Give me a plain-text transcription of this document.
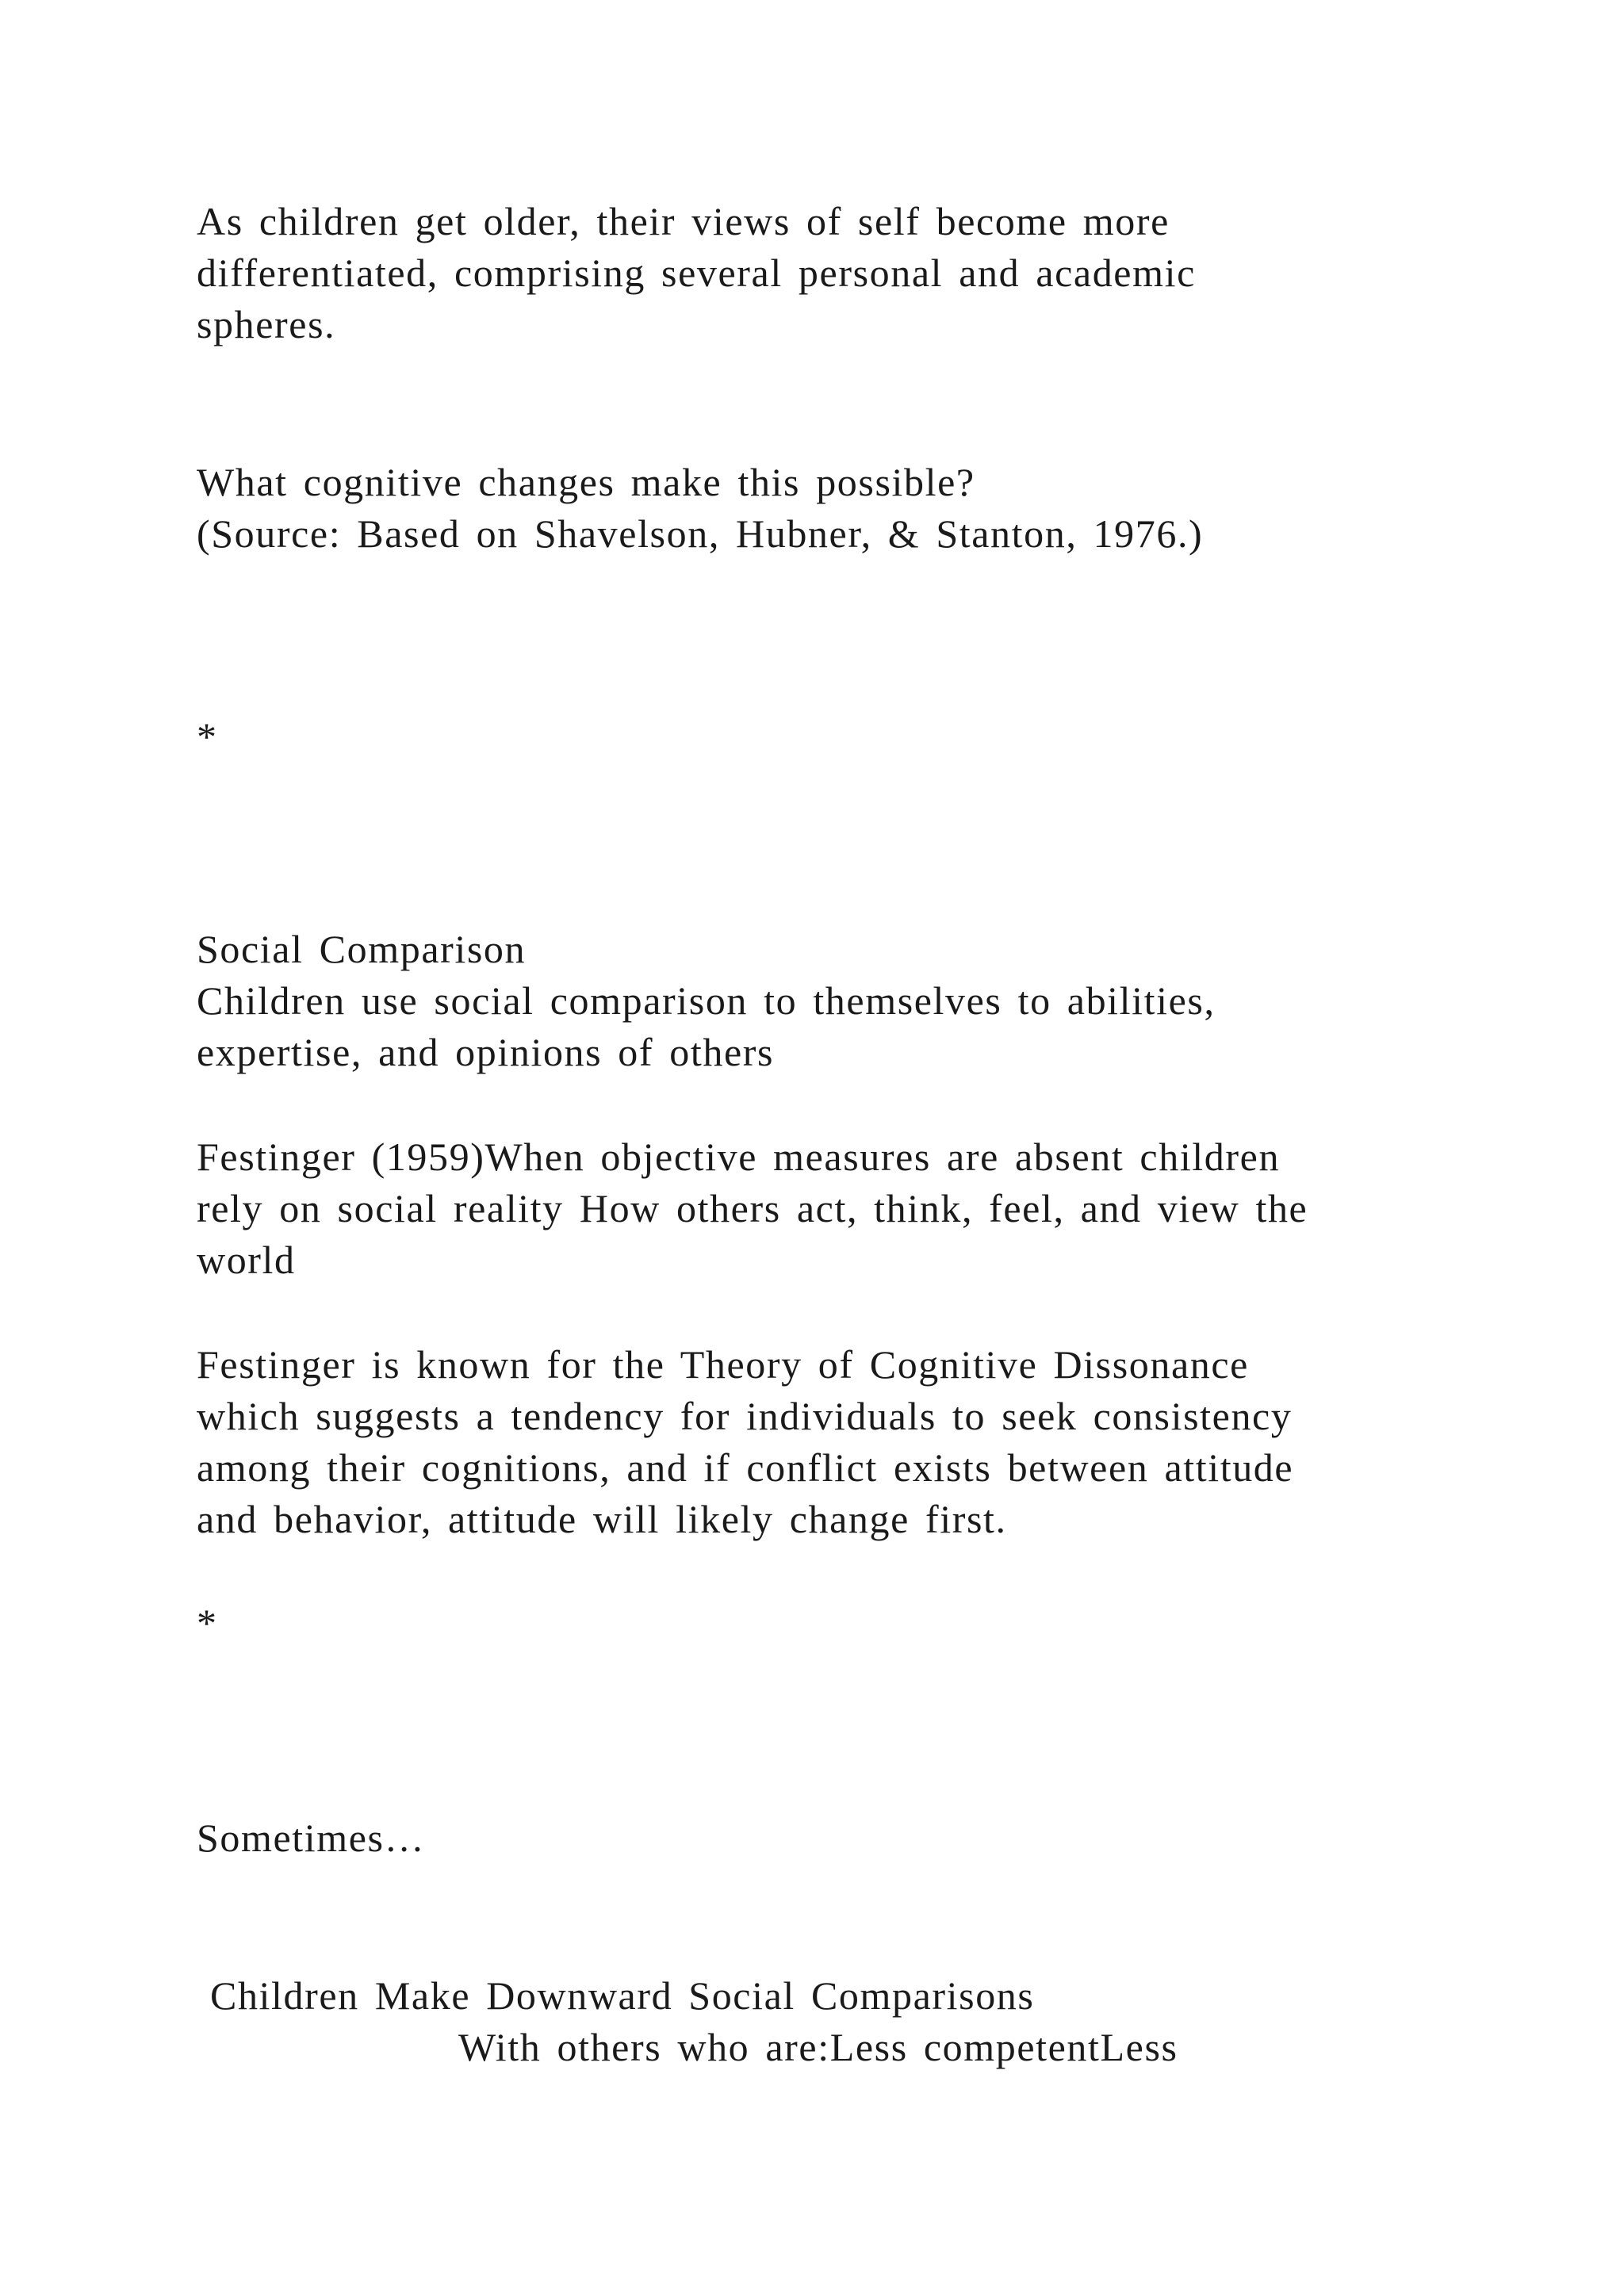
As children get older, their views of self become more
differentiated, comprising several personal and academic
spheres.
What cognitive changes make this possible?
(Source: Based on Shavelson, Hubner, & Stanton, 1976.)
*
Social Comparison
Children use social comparison to themselves to abilities,
expertise, and opinions of others
Festinger (1959)When objective measures are absent children
rely on social reality How others act, think, feel, and view the
world
Festinger is known for the Theory of Cognitive Dissonance
which suggests a tendency for individuals to seek consistency
among their cognitions, and if conflict exists between attitude
and behavior, attitude will likely change first.
*
Sometimes…
Children Make Downward Social Comparisons
With others who are:Less competentLess
